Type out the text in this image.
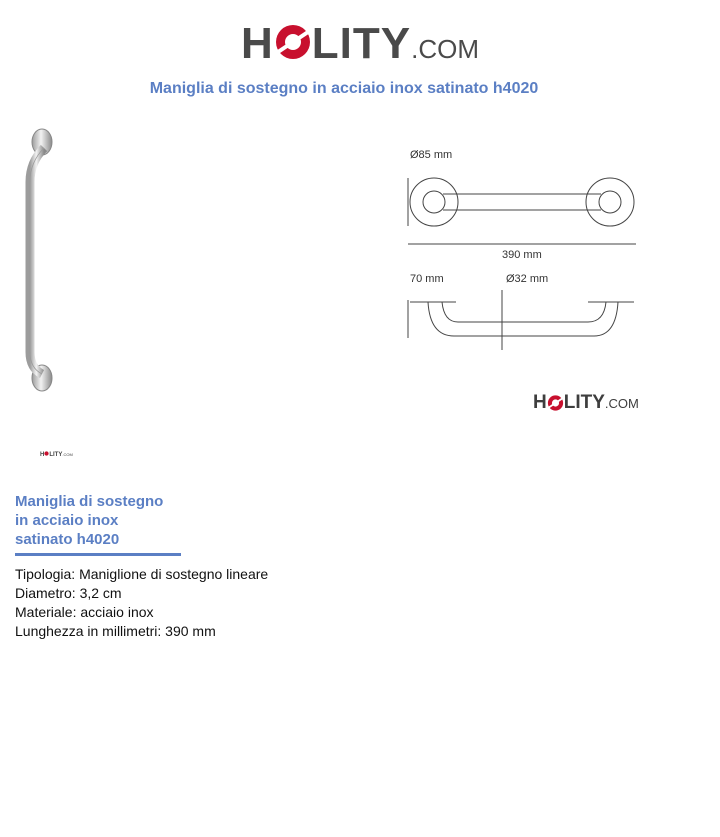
H LITY.COM
Maniglia di sostegno in acciaio inox satinato h4020
Ø85 mm
390 mm
70 mm	Ø32 mm
H LITY.COM
H LITY.COM
Maniglia di sostegno
in acciaio inox
satinato h4020
Tipologia: Maniglione di sostegno lineare
Diametro: 3,2 cm
Materiale: acciaio inox
Lunghezza in millimetri: 390 mm
